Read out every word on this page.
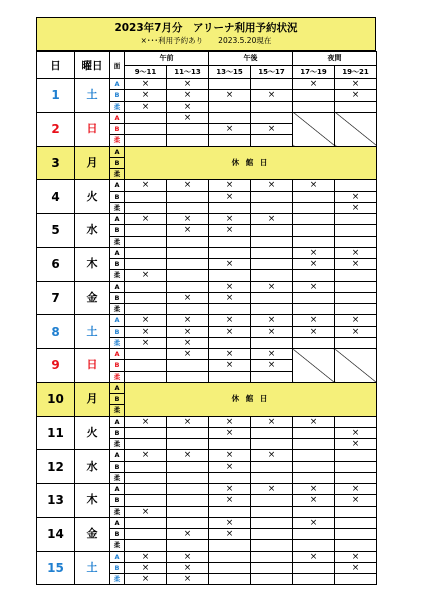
2023年7月分　アリーナ利用予約状況
×･･･利用予約あり　　2023.5.20現在
日	曜日	面	午前		午後		夜間	
			9～11	11～13	13～15	15～17	17～19	19～21
1	土	A	×	×			×	×
		B	×	×	×	×		×
		柔	×	×				
2	日	A		×				
		B			×	×		
		柔						
3	月	A	休 館 日					
		B						
		柔						
4	火	A	×	×	×	×	×	
		B			×			×
		柔						×
5	水	A	×	×	×	×		
		B		×	×			
		柔						
6	木	A					×	×
		B			×		×	×
		柔	×					
7	金	A			×	×	×	
		B		×	×			
		柔						
8	土	A	×	×	×	×	×	×
		B	×	×	×	×	×	×
		柔	×	×				
9	日	A		×	×	×		
		B			×	×		
		柔						
10	月	A	休 館 日					
		B						
		柔						
11	火	A	×	×	×	×	×	
		B			×			×
		柔						×
12	水	A	×	×	×	×		
		B			×			
		柔						
13	木	A			×	×	×	×
		B			×		×	×
		柔	×					
14	金	A			×		×	
		B		×	×			
		柔						
15	土	A	×	×			×	×
		B	×	×				×
		柔	×	×				
